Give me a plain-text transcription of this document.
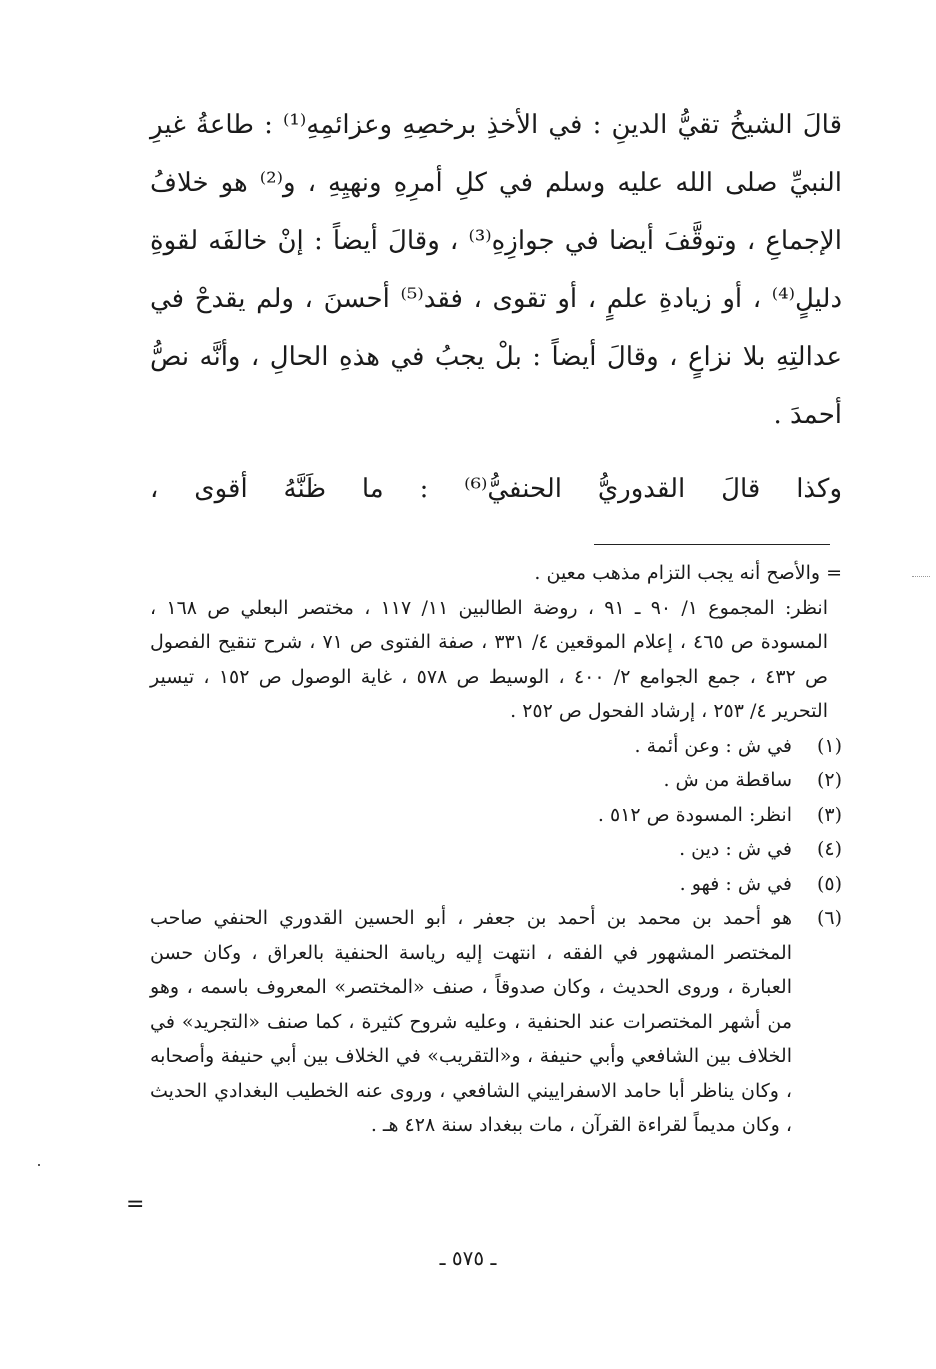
قالَ الشيخُ تقيُّ الدينِ : في الأخذِ برخصِهِ وعزائمِهِ⁽¹⁾ : طاعةُ غيرِ النبيِّ صلى الله عليه وسلم في كلِ أمرِهِ ونهيِهِ ، و⁽²⁾ هو خلافُ الإجماعِ ، وتوقَّفَ أيضا في جوازِهِ⁽³⁾ ، وقالَ أيضاً : إنْ خالفَه لقوةِ دليلٍ⁽⁴⁾ ، أو زيادةِ علمٍ ، أو تقوى ، فقد⁽⁵⁾ أحسنَ ، ولم يقدحْ في عدالتِهِ بلا نزاعٍ ، وقالَ أيضاً : بلْ يجبُ في هذهِ الحالِ ، وأنَّه نصُّ أحمدَ .

وكذا قالَ القدوريُّ الحنفيُّ⁽⁶⁾ : ما ظَنَّهُ أقوى ،

= والأصح أنه يجب التزام مذهب معين .

انظر: المجموع ١/ ٩٠ ـ ٩١ ، روضة الطالبين ١١/ ١١٧ ، مختصر البعلي ص ١٦٨ ، المسودة ص ٤٦٥ ، إعلام الموقعين ٤/ ٣٣١ ، صفة الفتوى ص ٧١ ، شرح تنقيح الفصول ص ٤٣٢ ، جمع الجوامع ٢/ ٤٠٠ ، الوسيط ص ٥٧٨ ، غاية الوصول ص ١٥٢ ، تيسير التحرير ٤/ ٢٥٣ ، إرشاد الفحول ص ٢٥٢ .

(١)
في ش : وعن أئمة .
(٢)
ساقطة من ش .
(٣)
انظر: المسودة ص ٥١٢ .
(٤)
في ش : دين .
(٥)
في ش : فهو .
(٦)
هو أحمد بن محمد بن أحمد بن جعفر ، أبو الحسين القدوري الحنفي صاحب المختصر المشهور في الفقه ، انتهت إليه رياسة الحنفية بالعراق ، وكان حسن العبارة ، وروى الحديث ، وكان صدوقاً ، صنف «المختصر» المعروف باسمه ، وهو من أشهر المختصرات عند الحنفية ، وعليه شروح كثيرة ، كما صنف «التجريد» في الخلاف بين الشافعي وأبي حنيفة ، و«التقريب» في الخلاف بين أبي حنيفة وأصحابه ، وكان يناظر أبا حامد الاسفراييني الشافعي ، وروى عنه الخطيب البغدادي الحديث ، وكان مديماً لقراءة القرآن ، مات ببغداد سنة ٤٢٨ هـ .
=
ـ ٥٧٥ ـ
